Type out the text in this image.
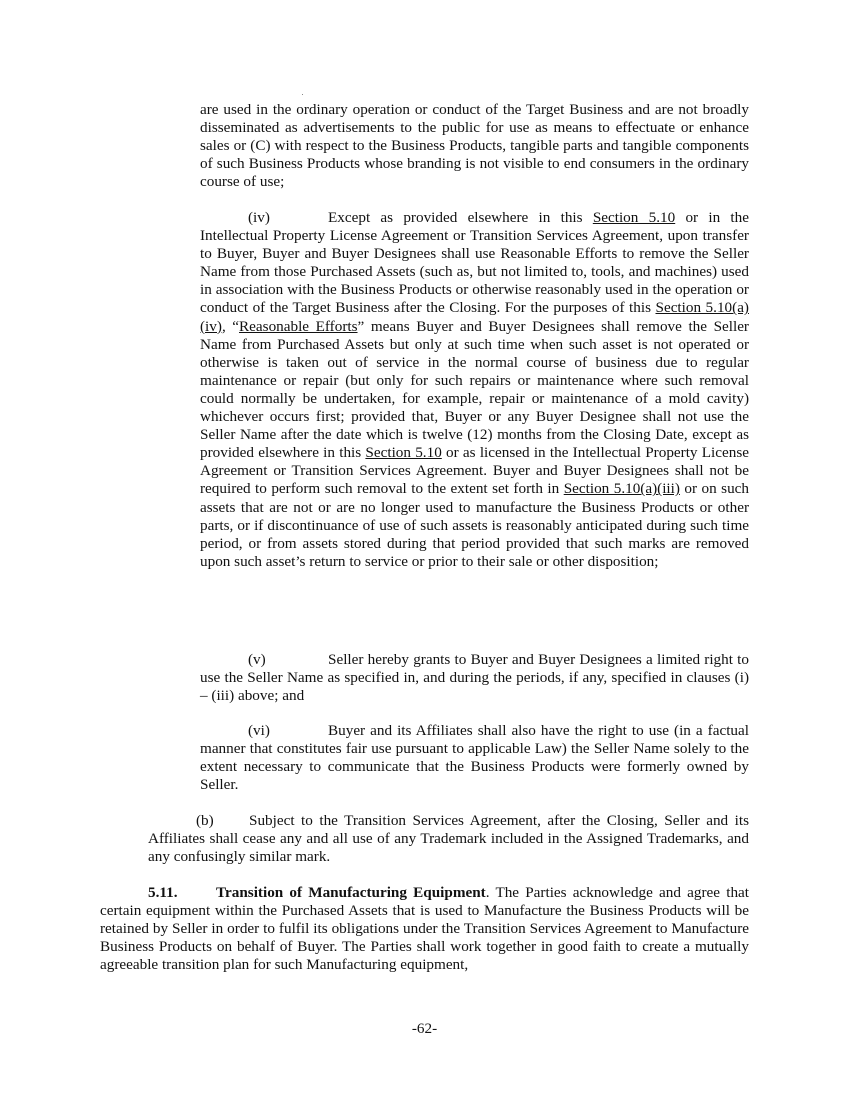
are used in the ordinary operation or conduct of the Target Business and are not broadly disseminated as advertisements to the public for use as means to effectuate or enhance sales or (C) with respect to the Business Products, tangible parts and tangible components of such Business Products whose branding is not visible to end consumers in the ordinary course of use;

(iv)	Except as provided elsewhere in this Section 5.10 or in the Intellectual Property License Agreement or Transition Services Agreement, upon transfer to Buyer, Buyer and Buyer Designees shall use Reasonable Efforts to remove the Seller Name from those Purchased Assets (such as, but not limited to, tools, and machines) used in association with the Business Products or otherwise reasonably used in the operation or conduct of the Target Business after the Closing. For the purposes of this Section 5.10(a)(iv), “Reasonable Efforts” means Buyer and Buyer Designees shall remove the Seller Name from Purchased Assets but only at such time when such asset is not operated or otherwise is taken out of service in the normal course of business due to regular maintenance or repair (but only for such repairs or maintenance where such removal could normally be undertaken, for example, repair or maintenance of a mold cavity) whichever occurs first; provided that, Buyer or any Buyer Designee shall not use the Seller Name after the date which is twelve (12) months from the Closing Date, except as provided elsewhere in this Section 5.10 or as licensed in the Intellectual Property License Agreement or Transition Services Agreement. Buyer and Buyer Designees shall not be required to perform such removal to the extent set forth in Section 5.10(a)(iii) or on such assets that are not or are no longer used to manufacture the Business Products or other parts, or if discontinuance of use of such assets is reasonably anticipated during such time period, or from assets stored during that period provided that such marks are removed upon such asset’s return to service or prior to their sale or other disposition;

(v)	Seller hereby grants to Buyer and Buyer Designees a limited right to use the Seller Name as specified in, and during the periods, if any, specified in clauses (i) – (iii) above; and

(vi)	Buyer and its Affiliates shall also have the right to use (in a factual manner that constitutes fair use pursuant to applicable Law) the Seller Name solely to the extent necessary to communicate that the Business Products were formerly owned by Seller.

(b) Subject to the Transition Services Agreement, after the Closing, Seller and its Affiliates shall cease any and all use of any Trademark included in the Assigned Trademarks, and any confusingly similar mark.

5.11.	Transition of Manufacturing Equipment. The Parties acknowledge and agree that certain equipment within the Purchased Assets that is used to Manufacture the Business Products will be retained by Seller in order to fulfil its obligations under the Transition Services Agreement to Manufacture Business Products on behalf of Buyer. The Parties shall work together in good faith to create a mutually agreeable transition plan for such Manufacturing equipment,

-62-
